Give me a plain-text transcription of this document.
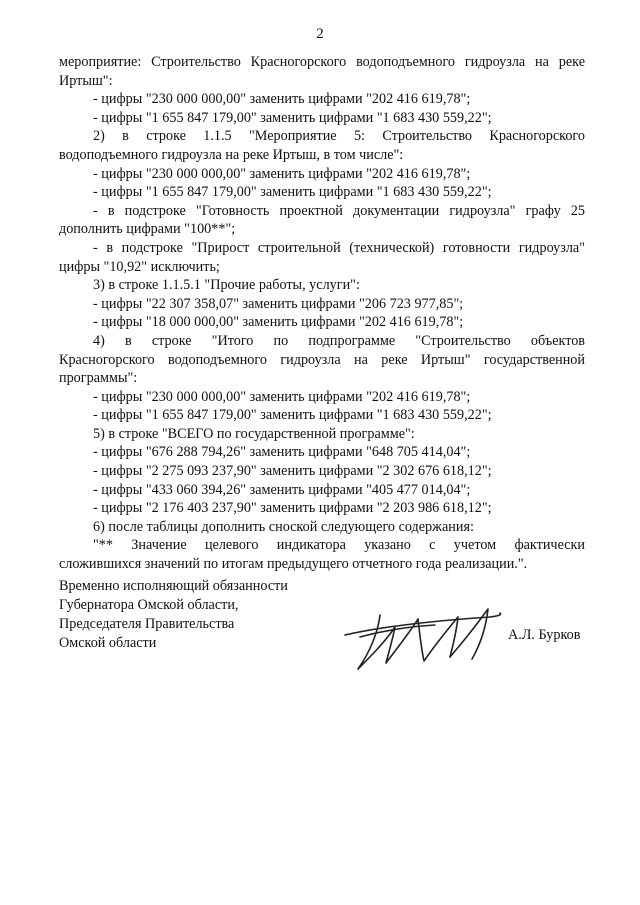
2

мероприятие: Строительство Красногорского водоподъемного гидроузла на реке

Иртыш":

- цифры "230 000 000,00" заменить цифрами "202 416 619,78";

- цифры "1 655 847 179,00" заменить цифрами "1 683 430 559,22";

2) в строке 1.1.5 "Мероприятие 5: Строительство Красногорского

водоподъемного гидроузла на реке Иртыш, в том числе":

- цифры "230 000 000,00" заменить цифрами "202 416 619,78";

- цифры "1 655 847 179,00" заменить цифрами "1 683 430 559,22";

- в подстроке "Готовность проектной документации гидроузла" графу 25

дополнить цифрами "100**";

- в подстроке "Прирост строительной (технической) готовности гидроузла"

цифры "10,92" исключить;

3) в строке 1.1.5.1 "Прочие работы, услуги":

- цифры "22 307 358,07" заменить цифрами "206 723 977,85";

- цифры "18 000 000,00" заменить цифрами "202 416 619,78";

4) в строке "Итого по подпрограмме "Строительство объектов

Красногорского водоподъемного гидроузла на реке Иртыш" государственной

программы":

- цифры "230 000 000,00" заменить цифрами "202 416 619,78";

- цифры "1 655 847 179,00" заменить цифрами "1 683 430 559,22";

5) в строке "ВСЕГО по государственной программе":

- цифры "676 288 794,26" заменить цифрами "648 705 414,04";

- цифры "2 275 093 237,90" заменить цифрами "2 302 676 618,12";

- цифры "433 060 394,26" заменить цифрами "405 477 014,04";

- цифры "2 176 403 237,90" заменить цифрами "2 203 986 618,12";

6) после таблицы дополнить сноской следующего содержания:

"** Значение целевого индикатора указано с учетом фактически

сложившихся значений по итогам предыдущего отчетного года реализации.".

Временно исполняющий обязанности
Губернатора Омской области,
Председателя Правительства
Омской области	А.Л. Бурков
